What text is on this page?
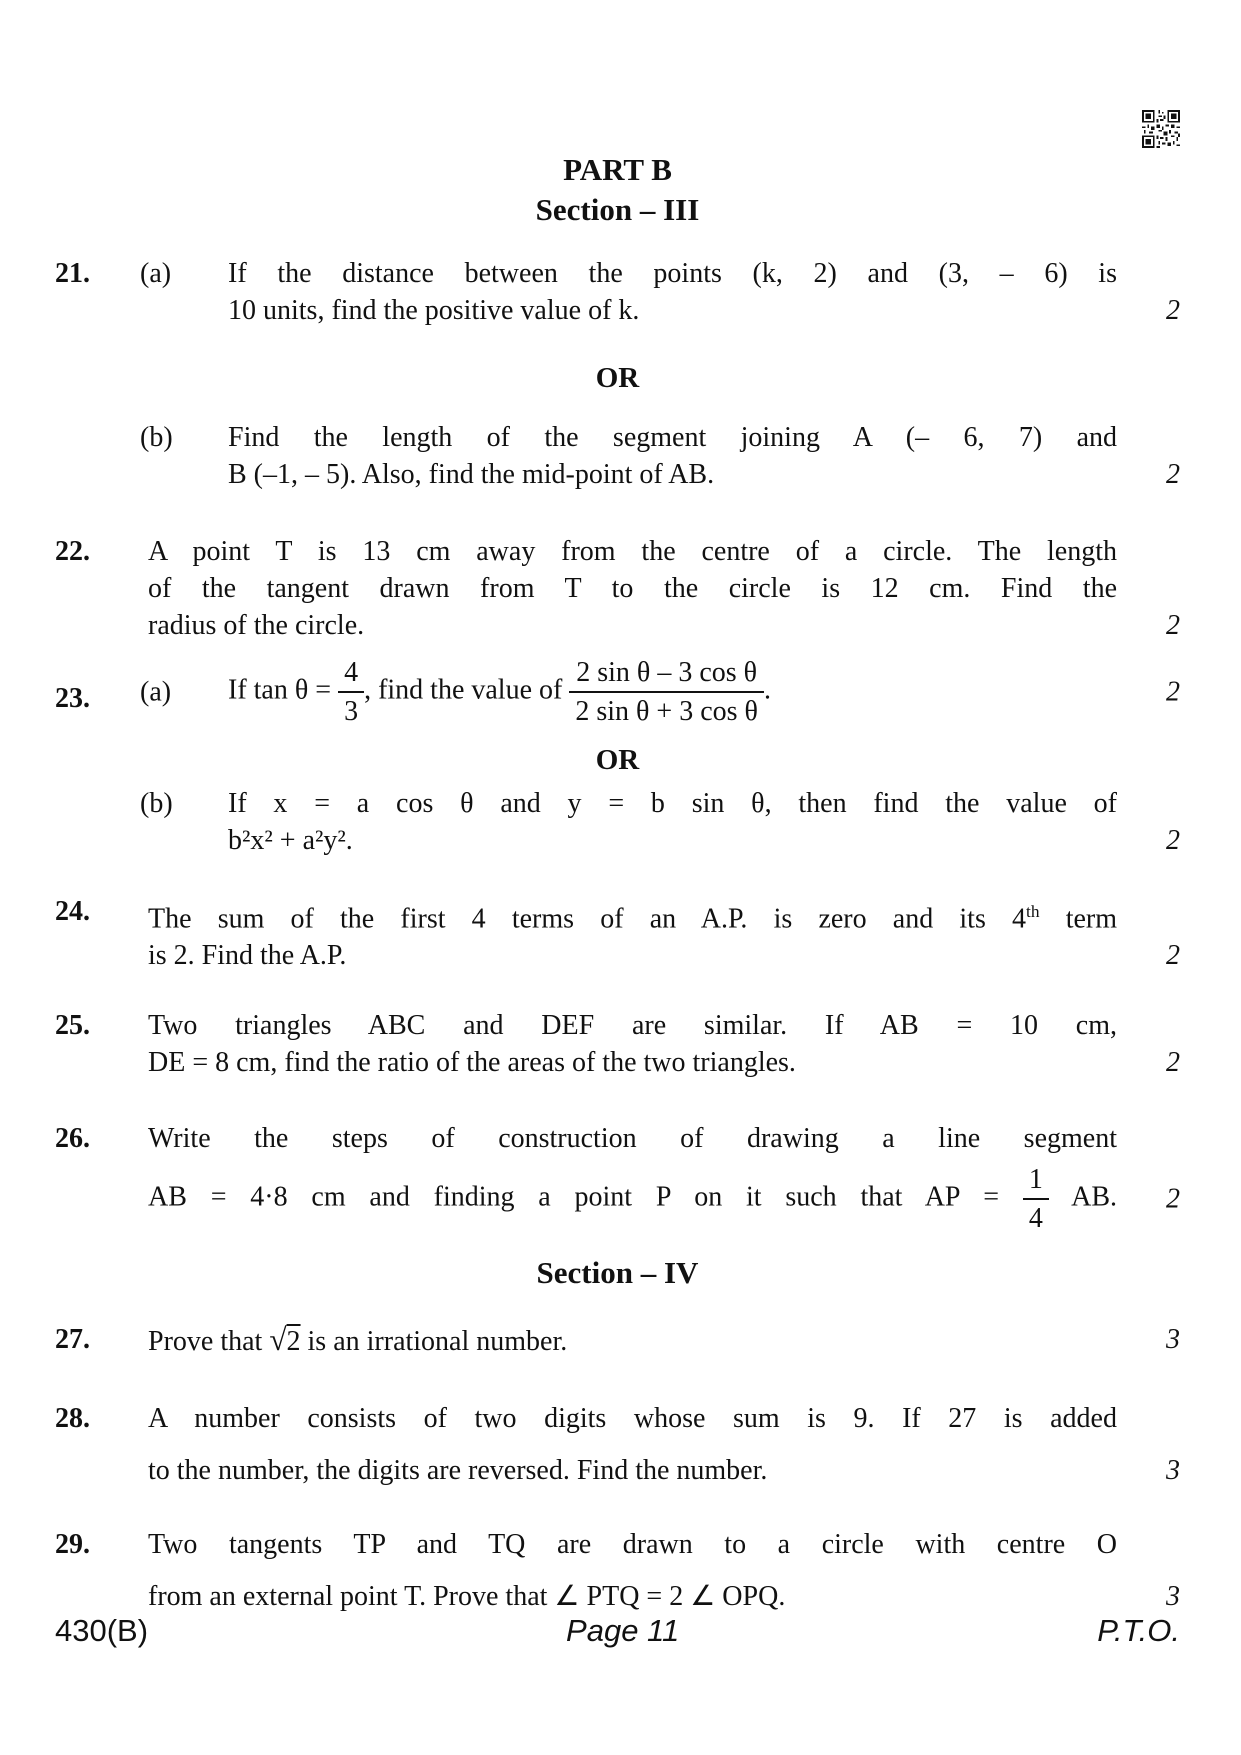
PART B
Section – III
21. (a) If the distance between the points (k, 2) and (3, – 6) is
10 units, find the positive value of k.	2
OR
(b) Find the length of the segment joining A (– 6, 7) and
B (–1, – 5). Also, find the mid-point of AB.	2
22. A point T is 13 cm away from the centre of a circle. The length
of the tangent drawn from T to the circle is 12 cm. Find the
radius of the circle.	2
23. (a) If $\tan \theta = \frac{4}{3}$ , find the value of $\frac{\text{2 sin θ – 3 cos θ}}{\text{2 sin θ + 3 cos θ}}$ .	2
OR
(b) If x = a cos θ and y = b sin θ, then find the value of
b²x² + a²y².	2
24. The sum of the first 4 terms of an A.P. is zero and its 4th term
is 2. Find the A.P.	2
25. Two triangles ABC and DEF are similar. If AB = 10 cm,
DE = 8 cm, find the ratio of the areas of the two triangles.	2
26. Write the steps of construction of drawing a line segment
AB = 4·8 cm and finding a point P on it such that AP = $\frac{1}{4}$ AB. 2
Section – IV
27. Prove that √2 is an irrational number.	3
28. A number consists of two digits whose sum is 9. If 27 is added
to the number, the digits are reversed. Find the number.	3
29. Two tangents TP and TQ are drawn to a circle with centre O
from an external point T. Prove that ∠ PTQ = 2 ∠ OPQ.	3
430(B)	Page 11	P.T.O.
